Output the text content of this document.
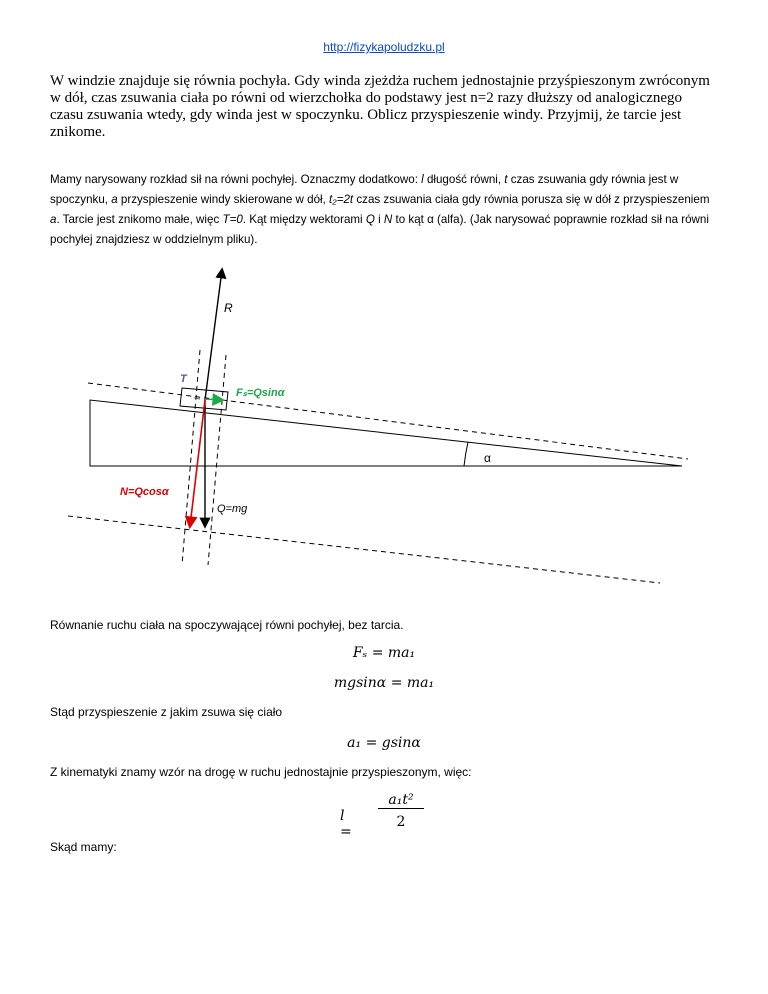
http://fizykapoludzku.pl
W windzie znajduje się równia pochyła. Gdy winda zjeżdża ruchem jednostajnie przyśpieszonym zwróconym w dół, czas zsuwania ciała po równi od wierzchołka do podstawy jest n=2 razy dłuższy od analogicznego czasu zsuwania wtedy, gdy winda jest w spoczynku. Oblicz przyspieszenie windy. Przyjmij, że tarcie jest znikome.
Mamy narysowany rozkład sił na równi pochyłej. Oznaczmy dodatkowo: l długość równi, t czas zsuwania gdy równia jest w spoczynku, a przyspieszenie windy skierowane w dół, t₂=2t czas zsuwania ciała gdy równia porusza się w dół z przyspieszeniem a. Tarcie jest znikomo małe, więc T=0. Kąt między wektorami Q i N to kąt α (alfa). (Jak narysować poprawnie rozkład sił na równi pochyłej znajdziesz w oddzielnym pliku).
R
T
Fₛ=Qsinα
α
N=Qcosα
Q=mg
Równanie ruchu ciała na spoczywającej równi pochyłej, bez tarcia.
Fₛ = ma₁
mgsinα = ma₁
Stąd przyspieszenie z jakim zsuwa się ciało
a₁ = gsinα
Z kinematyki znamy wzór na drogę w ruchu jednostajnie przyspieszonym, więc:
l =
a₁t²
2
Skąd mamy:
